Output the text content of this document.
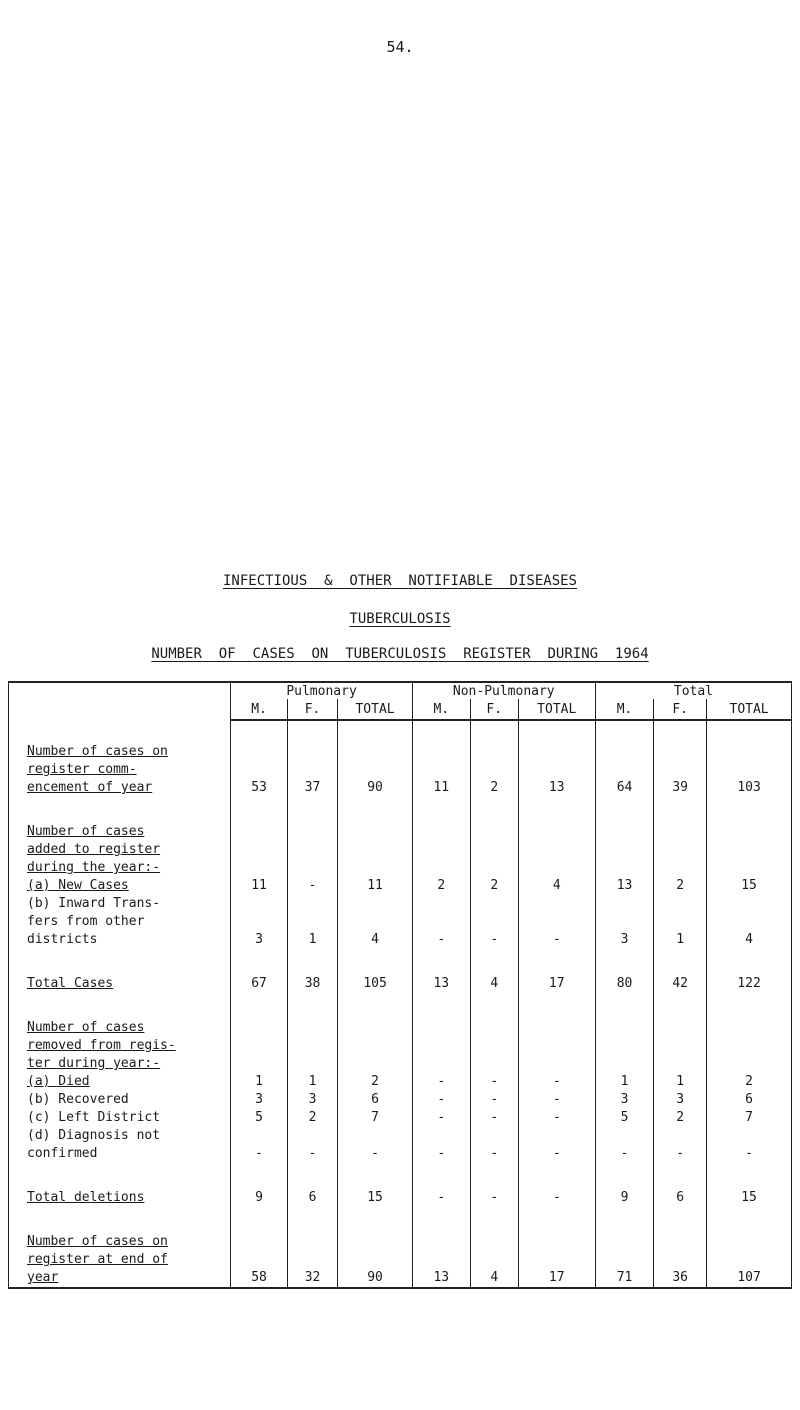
54.
INFECTIOUS  &  OTHER  NOTIFIABLE  DISEASES
TUBERCULOSIS
NUMBER  OF  CASES  ON  TUBERCULOSIS  REGISTER  DURING  1964
	Pulmonary			Non-Pulmonary			Total		
	M.	F.	TOTAL	M.	F.	TOTAL	M.	F.	TOTAL

Number of cases on
register comm-
encement of year	53	37	90	11	2	13	64	39	103

Number of cases
added to register
during the year:-									

(a) New Cases	11	-	11	2	2	4	13	2	15

(b) Inward Trans-
fers from other
districts	3	1	4	-	-	-	3	1	4

Total Cases	67	38	105	13	4	17	80	42	122

Number of cases
removed from regis-
ter during year:-									

(a) Died	1	1	2	-	-	-	1	1	2

(b) Recovered	3	3	6	-	-	-	3	3	6

(c) Left District	5	2	7	-	-	-	5	2	7

(d) Diagnosis not
confirmed	-	-	-	-	-	-	-	-	-

Total deletions	9	6	15	-	-	-	9	6	15

Number of cases on
register at end of
year	58	32	90	13	4	17	71	36	107
